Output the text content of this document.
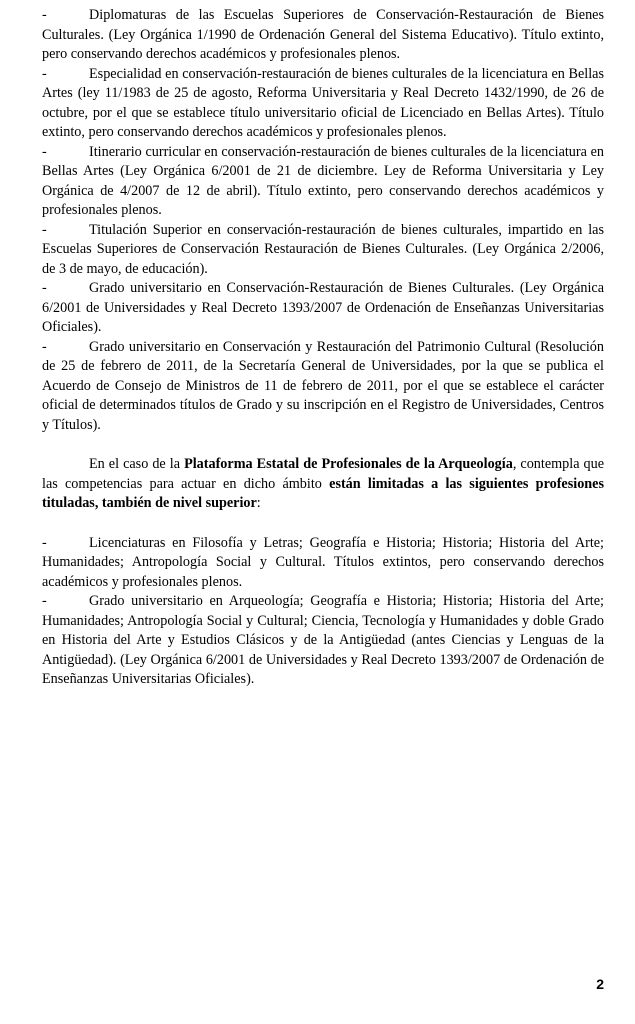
-	Diplomaturas de las Escuelas Superiores de Conservación-Restauración de Bienes Culturales. (Ley Orgánica 1/1990 de Ordenación General del Sistema Educativo). Título extinto, pero conservando derechos académicos y profesionales plenos.

-	Especialidad en conservación-restauración de bienes culturales de la licenciatura en Bellas Artes (ley 11/1983 de 25 de agosto, Reforma Universitaria y Real Decreto 1432/1990, de 26 de octubre, por el que se establece título universitario oficial de Licenciado en Bellas Artes). Título extinto, pero conservando derechos académicos y profesionales plenos.

-	Itinerario curricular en conservación-restauración de bienes culturales de la licenciatura en Bellas Artes (Ley Orgánica 6/2001 de 21 de diciembre. Ley de Reforma Universitaria y Ley Orgánica de 4/2007 de 12 de abril). Título extinto, pero conservando derechos académicos y profesionales plenos.

-	Titulación Superior en conservación-restauración de bienes culturales, impartido en las Escuelas Superiores de Conservación Restauración de Bienes Culturales. (Ley Orgánica 2/2006, de 3 de mayo, de educación).

-	Grado universitario en Conservación-Restauración de Bienes Culturales. (Ley Orgánica 6/2001 de Universidades y Real Decreto 1393/2007 de Ordenación de Enseñanzas Universitarias Oficiales).

-	Grado universitario en Conservación y Restauración del Patrimonio Cultural (Resolución de 25 de febrero de 2011, de la Secretaría General de Universidades, por la que se publica el Acuerdo de Consejo de Ministros de 11 de febrero de 2011, por el que se establece el carácter oficial de determinados títulos de Grado y su inscripción en el Registro de Universidades, Centros y Títulos).

En el caso de la Plataforma Estatal de Profesionales de la Arqueología, contempla que las competencias para actuar en dicho ámbito están limitadas a las siguientes profesiones tituladas, también de nivel superior:

-	Licenciaturas en Filosofía y Letras; Geografía e Historia; Historia; Historia del Arte; Humanidades; Antropología Social y Cultural. Títulos extintos, pero conservando derechos académicos y profesionales plenos.

-	Grado universitario en Arqueología; Geografía e Historia; Historia; Historia del Arte; Humanidades; Antropología Social y Cultural; Ciencia, Tecnología y Humanidades y doble Grado en Historia del Arte y Estudios Clásicos y de la Antigüedad (antes Ciencias y Lenguas de la Antigüedad). (Ley Orgánica 6/2001 de Universidades y Real Decreto 1393/2007 de Ordenación de Enseñanzas Universitarias Oficiales).

2
